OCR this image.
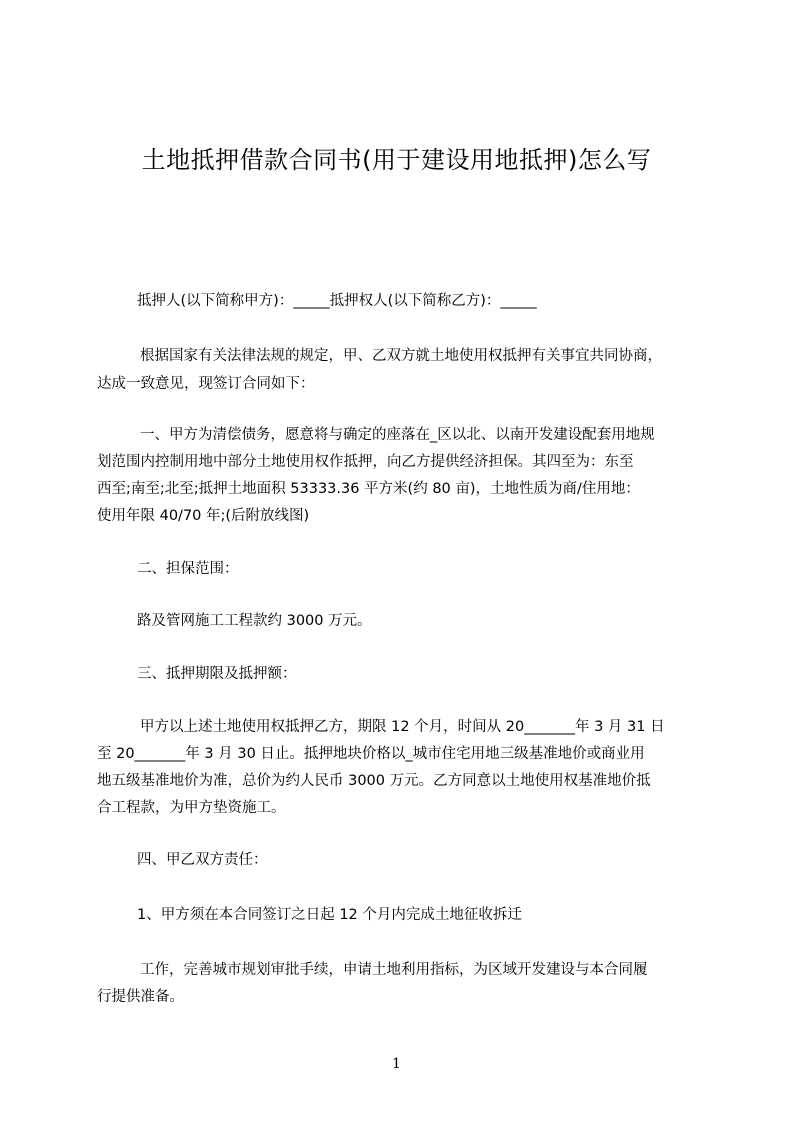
土地抵押借款合同书(用于建设用地抵押)怎么写
抵押人(以下简称甲方)：_____抵押权人(以下简称乙方)：_____
根据国家有关法律法规的规定，甲、乙双方就土地使用权抵押有关事宜共同协商，
达成一致意见，现签订合同如下：
一、甲方为清偿债务，愿意将与确定的座落在_区以北、以南开发建设配套用地规
划范围内控制用地中部分土地使用权作抵押，向乙方提供经济担保。其四至为：东至
西至;南至;北至;抵押土地面积 53333.36 平方米(约 80 亩)，土地性质为商/住用地：
使用年限 40/70 年;(后附放线图)
二、担保范围：
路及管网施工工程款约 3000 万元。
三、抵押期限及抵押额：
甲方以上述土地使用权抵押乙方，期限 12 个月，时间从 20_______年 3 月 31 日
至 20_______年 3 月 30 日止。抵押地块价格以_城市住宅用地三级基准地价或商业用
地五级基准地价为准，总价为约人民币 3000 万元。乙方同意以土地使用权基准地价抵
合工程款，为甲方垫资施工。
四、甲乙双方责任：
1、甲方须在本合同签订之日起 12 个月内完成土地征收拆迁
工作，完善城市规划审批手续，申请土地利用指标，为区域开发建设与本合同履
行提供准备。
1
